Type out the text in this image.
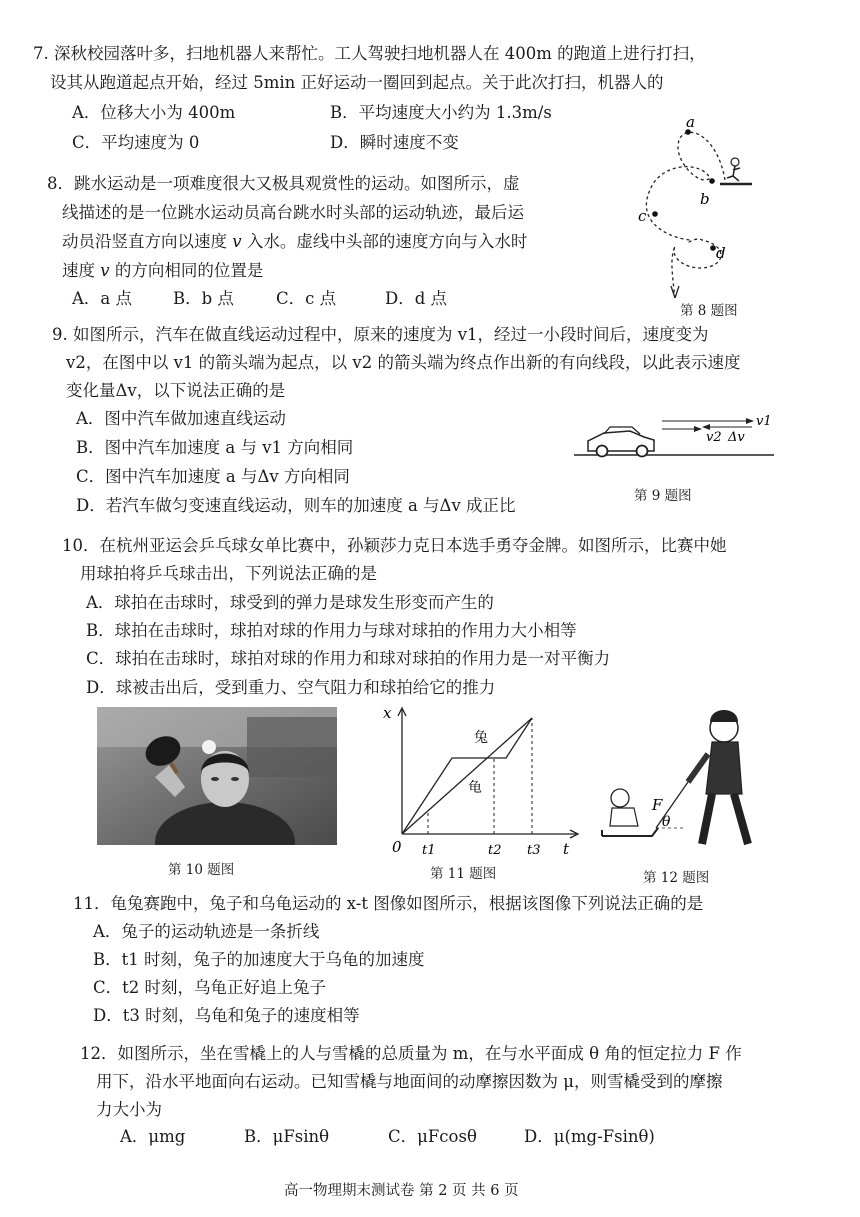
7. 深秋校园落叶多，扫地机器人来帮忙。工人驾驶扫地机器人在 400m 的跑道上进行打扫，
设其从跑道起点开始，经过 5min 正好运动一圈回到起点。关于此次打扫，机器人的
A．位移大小为 400m	B．平均速度大小约为 1.3m/s
C．平均速度为 0	D．瞬时速度不变
8．跳水运动是一项难度很大又极具观赏性的运动。如图所示，虚
线描述的是一位跳水运动员高台跳水时头部的运动轨迹，最后运
动员沿竖直方向以速度 v 入水。虚线中头部的速度方向与入水时
速度 v 的方向相同的位置是
A．a 点 B．b 点	C．c 点	D．d 点
a
b
c
d
第 8 题图
9. 如图所示，汽车在做直线运动过程中，原来的速度为 v1，经过一小段时间后，速度变为
v2，在图中以 v1 的箭头端为起点，以 v2 的箭头端为终点作出新的有向线段，以此表示速度
变化量Δv，以下说法正确的是
A．图中汽车做加速直线运动
B．图中汽车加速度 a 与 v1 方向相同
C．图中汽车加速度 a 与Δv 方向相同
D．若汽车做匀变速直线运动，则车的加速度 a 与Δv 成正比
v1
v2 Δv
第 9 题图
10．在杭州亚运会乒乓球女单比赛中，孙颖莎力克日本选手勇夺金牌。如图所示，比赛中她
用球拍将乒乓球击出，下列说法正确的是
A．球拍在击球时，球受到的弹力是球发生形变而产生的
B．球拍在击球时，球拍对球的作用力与球对球拍的作用力大小相等
C．球拍在击球时，球拍对球的作用力和球对球拍的作用力是一对平衡力
D．球被击出后，受到重力、空气阻力和球拍给它的推力
第 10 题图
x
t
0
兔
龟
t1	t2 t3
第 11 题图
F
θ
第 12 题图
11．龟兔赛跑中，兔子和乌龟运动的 x-t 图像如图所示，根据该图像下列说法正确的是
A．兔子的运动轨迹是一条折线
B．t1 时刻，兔子的加速度大于乌龟的加速度
C．t2 时刻，乌龟正好追上兔子
D．t3 时刻，乌龟和兔子的速度相等
12．如图所示，坐在雪橇上的人与雪橇的总质量为 m，在与水平面成 θ 角的恒定拉力 F 作
用下，沿水平地面向右运动。已知雪橇与地面间的动摩擦因数为 μ，则雪橇受到的摩擦
力大小为
A．μmg	B．μFsinθ	C．μFcosθ	D．μ(mg-Fsinθ)
高一物理期末测试卷 第 2 页 共 6 页
